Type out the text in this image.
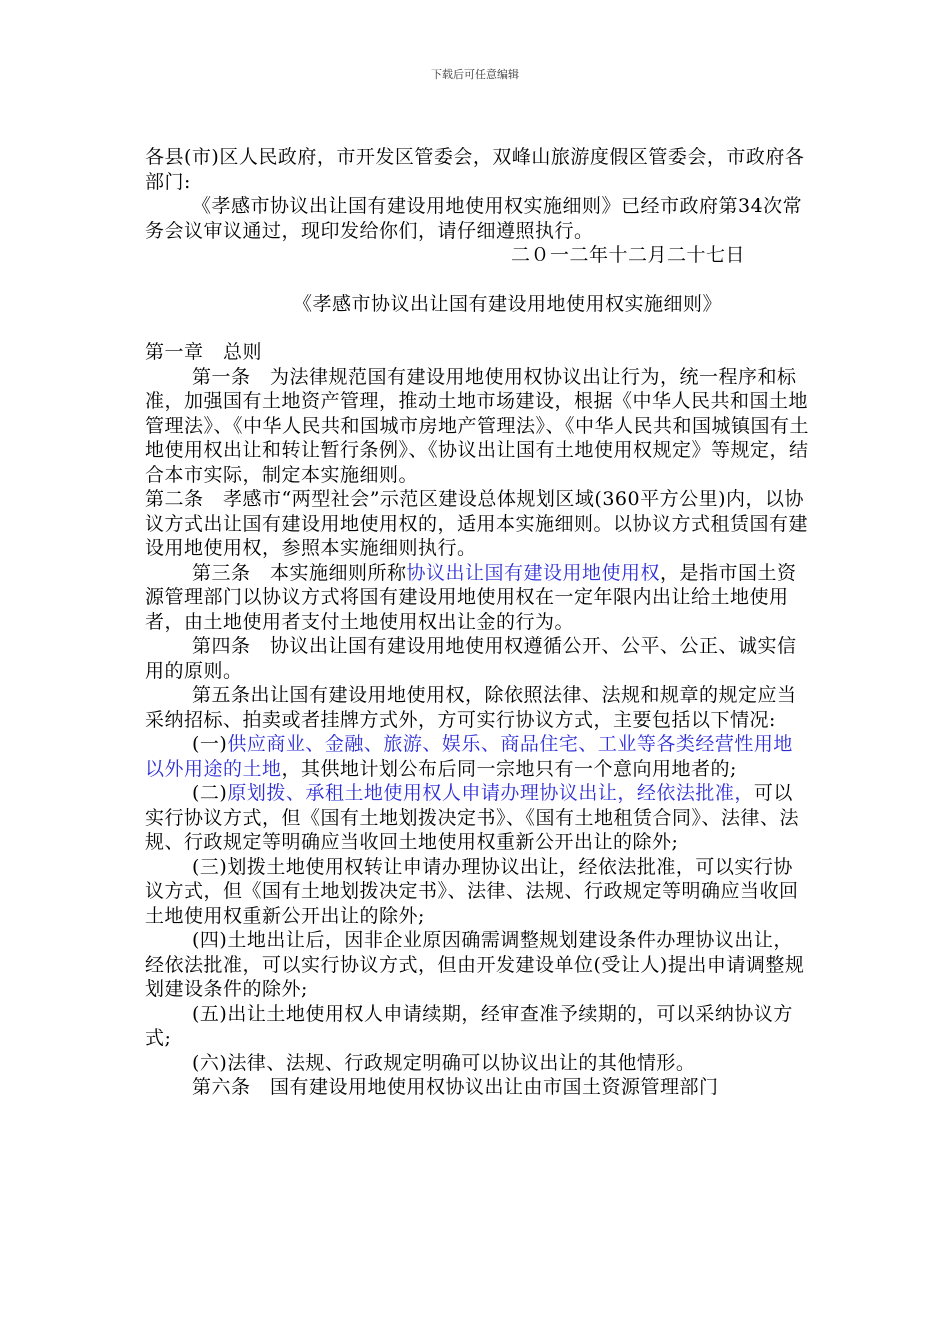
下载后可任意编辑

各县(市)区人民政府，市开发区管委会，双峰山旅游度假区管委会，市政府各部门:

《孝感市协议出让国有建设用地使用权实施细则》已经市政府第34次常务会议审议通过，现印发给你们，请仔细遵照执行。

二０一二年十二月二十七日

《孝感市协议出让国有建设用地使用权实施细则》

第一章　总则

第一条　为法律规范国有建设用地使用权协议出让行为，统一程序和标准，加强国有土地资产管理，推动土地市场建设，根据《中华人民共和国土地管理法》、《中华人民共和国城市房地产管理法》、《中华人民共和国城镇国有土地使用权出让和转让暂行条例》、《协议出让国有土地使用权规定》等规定，结合本市实际，制定本实施细则。

第二条　孝感市“两型社会”示范区建设总体规划区域(360平方公里)内，以协议方式出让国有建设用地使用权的，适用本实施细则。以协议方式租赁国有建设用地使用权，参照本实施细则执行。

第三条　本实施细则所称协议出让国有建设用地使用权，是指市国土资源管理部门以协议方式将国有建设用地使用权在一定年限内出让给土地使用者，由土地使用者支付土地使用权出让金的行为。

第四条　协议出让国有建设用地使用权遵循公开、公平、公正、诚实信用的原则。

第五条出让国有建设用地使用权，除依照法律、法规和规章的规定应当采纳招标、拍卖或者挂牌方式外，方可实行协议方式，主要包括以下情况:

(一)供应商业、金融、旅游、娱乐、商品住宅、工业等各类经营性用地以外用途的土地，其供地计划公布后同一宗地只有一个意向用地者的;

(二)原划拨、承租土地使用权人申请办理协议出让，经依法批准，可以实行协议方式，但《国有土地划拨决定书》、《国有土地租赁合同》、法律、法规、行政规定等明确应当收回土地使用权重新公开出让的除外;

(三)划拨土地使用权转让申请办理协议出让，经依法批准，可以实行协议方式，但《国有土地划拨决定书》、法律、法规、行政规定等明确应当收回土地使用权重新公开出让的除外;

(四)土地出让后，因非企业原因确需调整规划建设条件办理协议出让，经依法批准，可以实行协议方式，但由开发建设单位(受让人)提出申请调整规划建设条件的除外;

(五)出让土地使用权人申请续期，经审查准予续期的，可以采纳协议方式;

(六)法律、法规、行政规定明确可以协议出让的其他情形。

第六条　国有建设用地使用权协议出让由市国土资源管理部门
